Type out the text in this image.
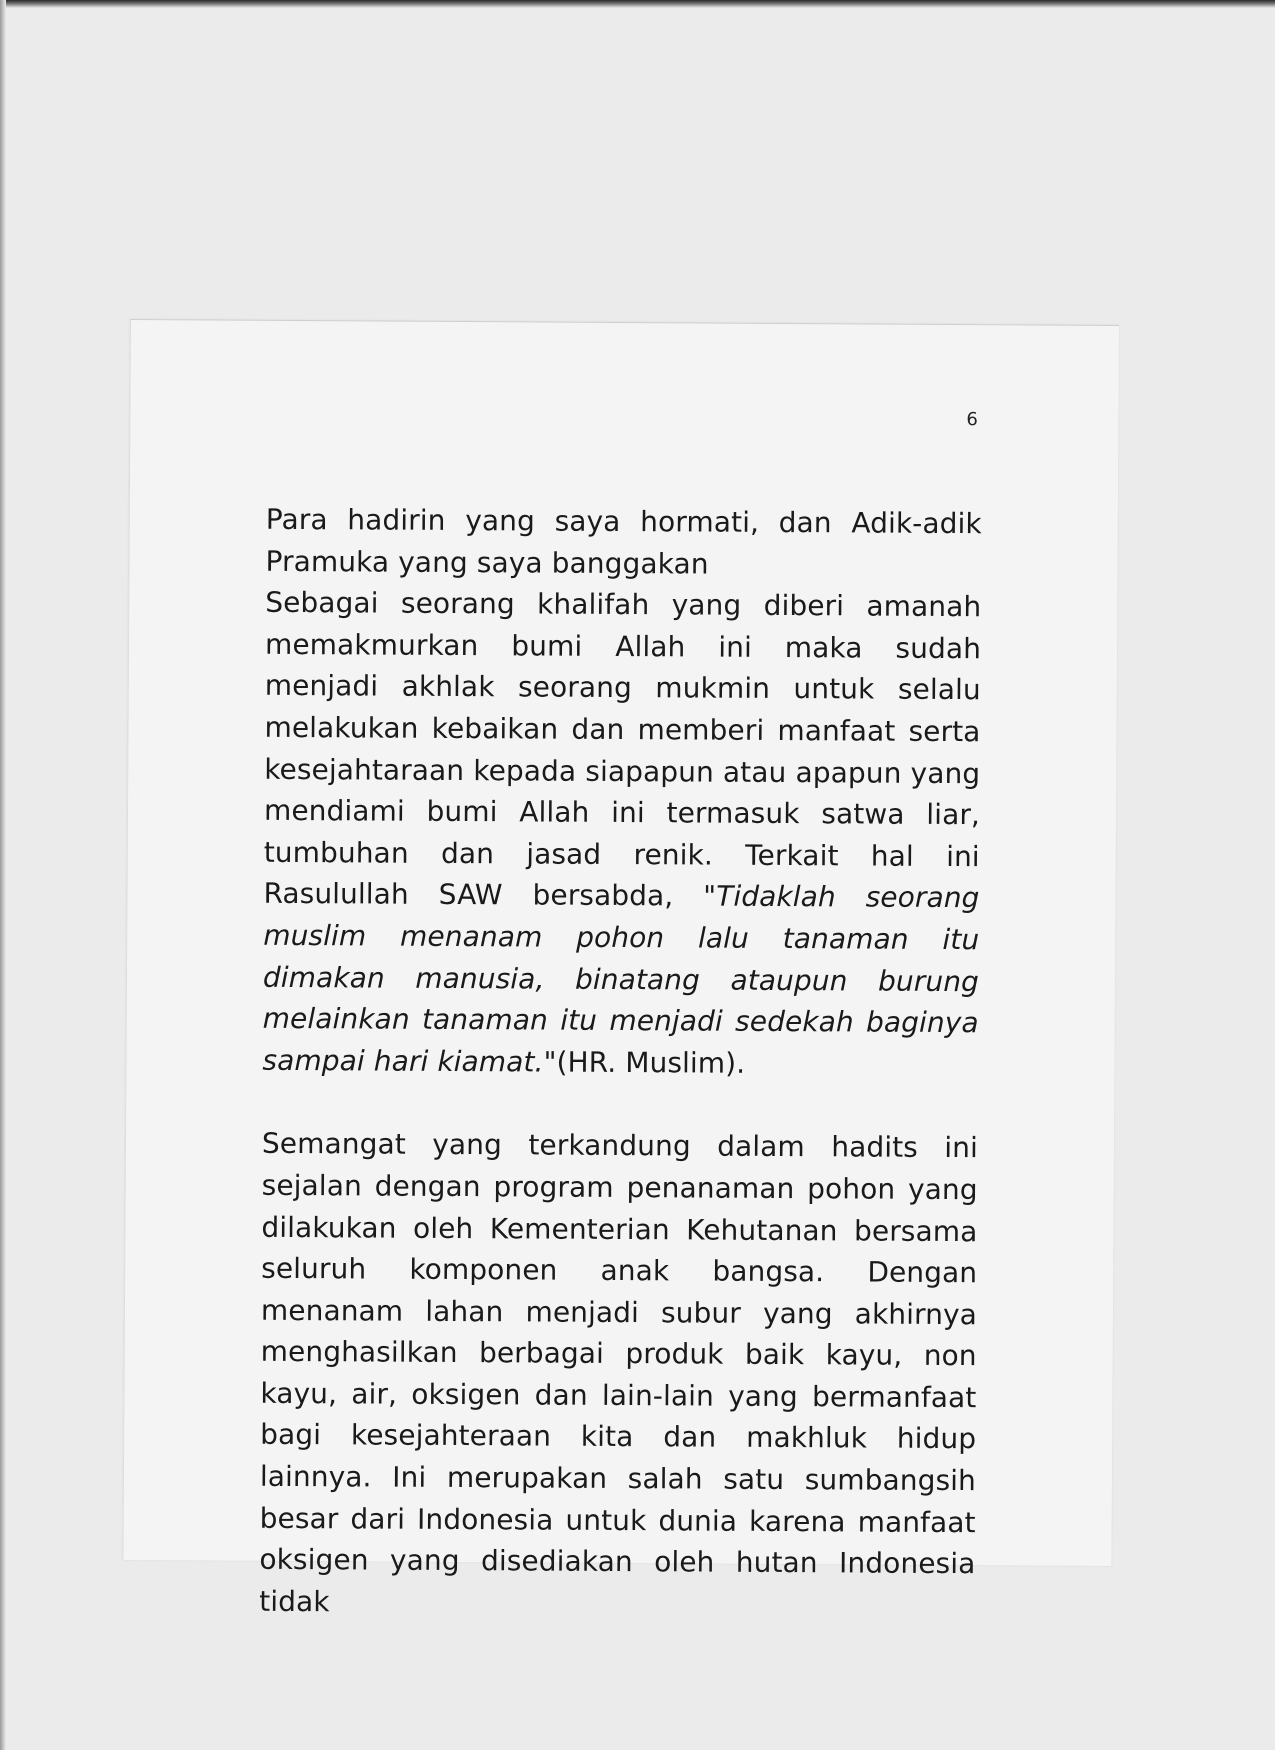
6

Para hadirin yang saya hormati, dan Adik-adik Pramuka yang saya banggakan

Sebagai seorang khalifah yang diberi amanah memakmurkan bumi Allah ini maka sudah menjadi akhlak seorang mukmin untuk selalu melakukan kebaikan dan memberi manfaat serta kesejahtaraan kepada siapapun atau apapun yang mendiami bumi Allah ini termasuk satwa liar, tumbuhan dan jasad renik. Terkait hal ini Rasulullah SAW bersabda, "Tidaklah seorang muslim menanam pohon lalu tanaman itu dimakan manusia, binatang ataupun burung melainkan tanaman itu menjadi sedekah baginya sampai hari kiamat."(HR. Muslim).

Semangat yang terkandung dalam hadits ini sejalan dengan program penanaman pohon yang dilakukan oleh Kementerian Kehutanan bersama seluruh komponen anak bangsa. Dengan menanam lahan menjadi subur yang akhirnya menghasilkan berbagai produk baik kayu, non kayu, air, oksigen dan lain-lain yang bermanfaat bagi kesejahteraan kita dan makhluk hidup lainnya. Ini merupakan salah satu sumbangsih besar dari Indonesia untuk dunia karena manfaat oksigen yang disediakan oleh hutan Indonesia tidak
